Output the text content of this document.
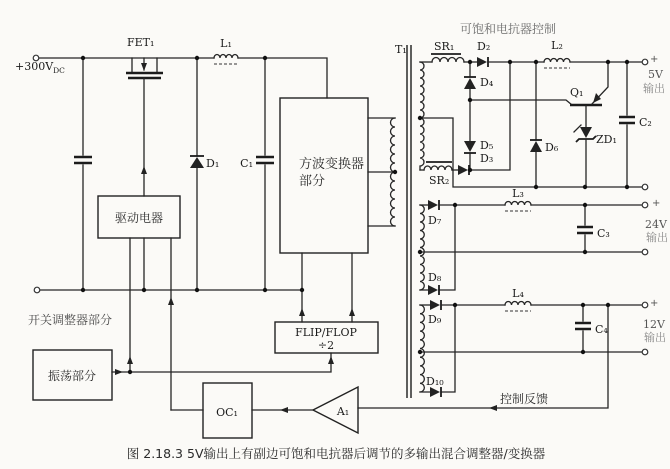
$+300V_{DC}$
FET₁	L₁
D₁ C₁
T₁
方波变换器
部分
可饱和电抗器控制
SR₁ D₂	L₂
D₄
D₅
D₃
SR₂
D₆
Q₁
ZD₁
C₂
+
5V
输出
D₇
D₈
L₃
C₃
+
24V
输出
D₉
D₁₀
L₄
C₄
+
12V
输出
控制反馈
开关调整器部分
驱动电器
振荡部分
FLIP/FLOP
÷2
OC₁	A₁
图 2.18.3 5V输出上有副边可饱和电抗器后调节的多输出混合调整器/变换器
